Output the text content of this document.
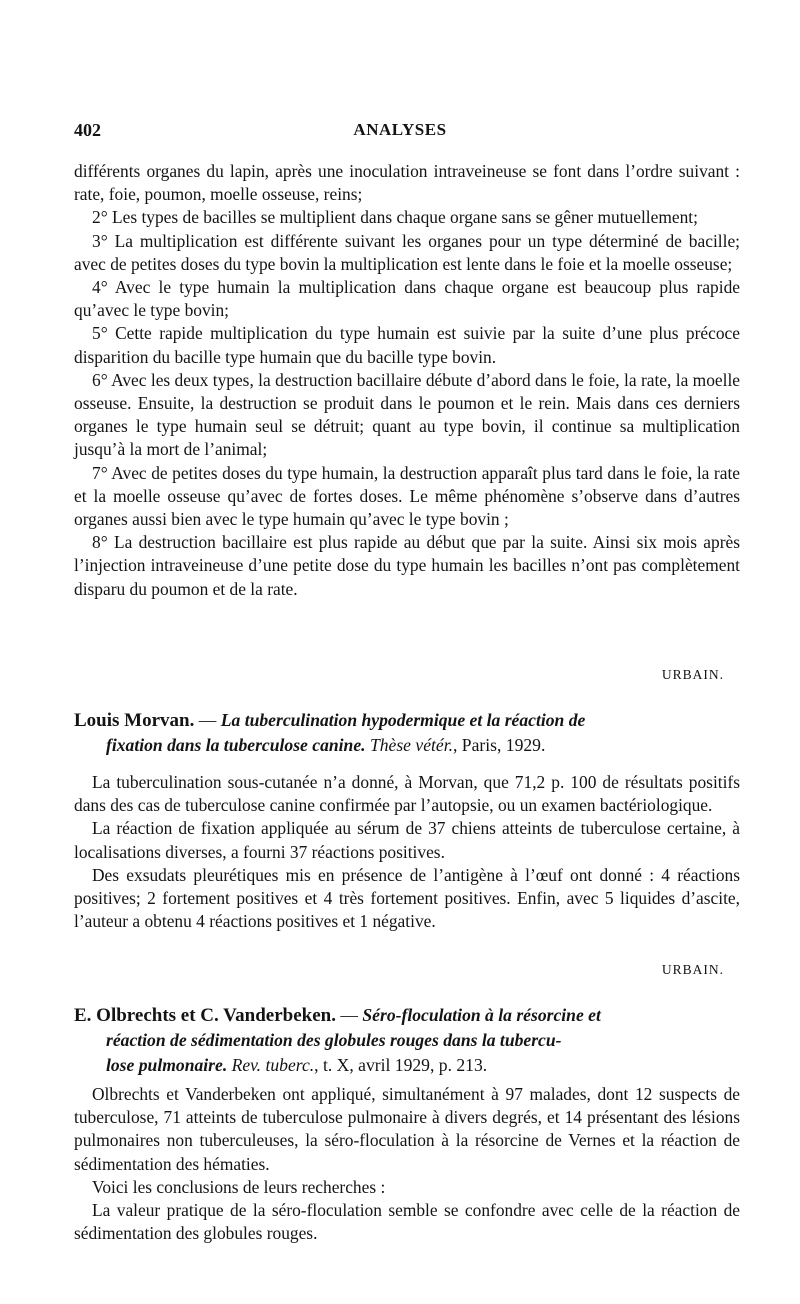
402	ANALYSES

différents organes du lapin, après une inoculation intraveineuse se font dans l’ordre suivant : rate, foie, poumon, moelle osseuse, reins;

2° Les types de bacilles se multiplient dans chaque organe sans se gêner mutuellement;

3° La multiplication est différente suivant les organes pour un type déterminé de bacille; avec de petites doses du type bovin la multiplication est lente dans le foie et la moelle osseuse;

4° Avec le type humain la multiplication dans chaque organe est beaucoup plus rapide qu’avec le type bovin;

5° Cette rapide multiplication du type humain est suivie par la suite d’une plus précoce disparition du bacille type humain que du bacille type bovin.

6° Avec les deux types, la destruction bacillaire débute d’abord dans le foie, la rate, la moelle osseuse. Ensuite, la destruction se produit dans le poumon et le rein. Mais dans ces derniers organes le type humain seul se détruit; quant au type bovin, il continue sa multiplication jusqu’à la mort de l’animal;

7° Avec de petites doses du type humain, la destruction apparaît plus tard dans le foie, la rate et la moelle osseuse qu’avec de fortes doses. Le même phénomène s’observe dans d’autres organes aussi bien avec le type humain qu’avec le type bovin ;

8° La destruction bacillaire est plus rapide au début que par la suite. Ainsi six mois après l’injection intraveineuse d’une petite dose du type humain les bacilles n’ont pas complètement disparu du poumon et de la rate.

URBAIN.
Louis Morvan. — La tuberculination hypodermique et la réaction de
fixation dans la tuberculose canine. Thèse vétér., Paris, 1929.

La tuberculination sous-cutanée n’a donné, à Morvan, que 71,2 p. 100 de résultats positifs dans des cas de tuberculose canine confirmée par l’autopsie, ou un examen bactériologique.

La réaction de fixation appliquée au sérum de 37 chiens atteints de tuberculose certaine, à localisations diverses, a fourni 37 réactions positives.

Des exsudats pleurétiques mis en présence de l’antigène à l’œuf ont donné : 4 réactions positives; 2 fortement positives et 4 très fortement positives. Enfin, avec 5 liquides d’ascite, l’auteur a obtenu 4 réactions positives et 1 négative.

URBAIN.
E. Olbrechts et C. Vanderbeken. — Séro-floculation à la résorcine et
réaction de sédimentation des globules rouges dans la tubercu-
lose pulmonaire. Rev. tuberc., t. X, avril 1929, p. 213.

Olbrechts et Vanderbeken ont appliqué, simultanément à 97 malades, dont 12 suspects de tuberculose, 71 atteints de tuberculose pulmonaire à divers degrés, et 14 présentant des lésions pulmonaires non tuberculeuses, la séro-floculation à la résorcine de Vernes et la réaction de sédimentation des hématies.

Voici les conclusions de leurs recherches :

La valeur pratique de la séro-floculation semble se confondre avec celle de la réaction de sédimentation des globules rouges.
